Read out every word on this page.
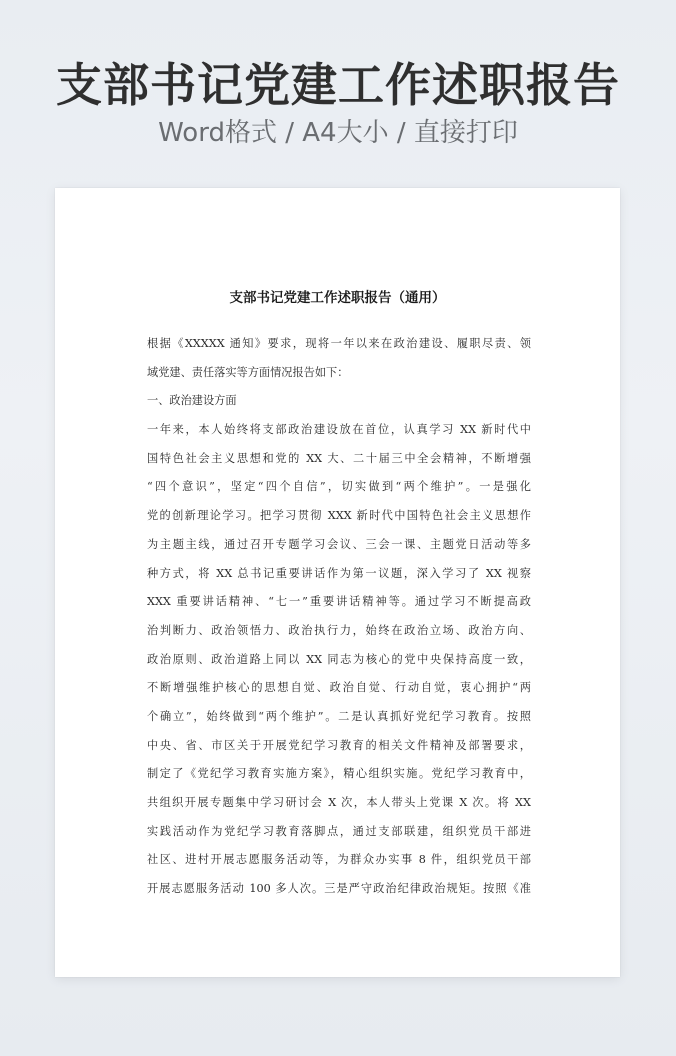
支部书记党建工作述职报告
Word格式 / A4大小 / 直接打印
支部书记党建工作述职报告（通用）
根据《XXXXX 通知》要求，现将一年以来在政治建设、履职尽责、领
域党建、责任落实等方面情况报告如下：
一、政治建设方面
一年来，本人始终将支部政治建设放在首位，认真学习 XX 新时代中
国特色社会主义思想和党的 XX 大、二十届三中全会精神，不断增强
“四个意识”，坚定“四个自信”，切实做到“两个维护”。一是强化
党的创新理论学习。把学习贯彻 XXX 新时代中国特色社会主义思想作
为主题主线，通过召开专题学习会议、三会一课、主题党日活动等多
种方式，将 XX 总书记重要讲话作为第一议题，深入学习了 XX 视察
XXX 重要讲话精神、“七一”重要讲话精神等。通过学习不断提高政
治判断力、政治领悟力、政治执行力，始终在政治立场、政治方向、
政治原则、政治道路上同以 XX 同志为核心的党中央保持高度一致，
不断增强维护核心的思想自觉、政治自觉、行动自觉，衷心拥护“两
个确立”，始终做到“两个维护”。二是认真抓好党纪学习教育。按照
中央、省、市区关于开展党纪学习教育的相关文件精神及部署要求，
制定了《党纪学习教育实施方案》，精心组织实施。党纪学习教育中，
共组织开展专题集中学习研讨会 X 次，本人带头上党课 X 次。将 XX
实践活动作为党纪学习教育落脚点，通过支部联建，组织党员干部进
社区、进村开展志愿服务活动等，为群众办实事 8 件，组织党员干部
开展志愿服务活动 100 多人次。三是严守政治纪律政治规矩。按照《准
